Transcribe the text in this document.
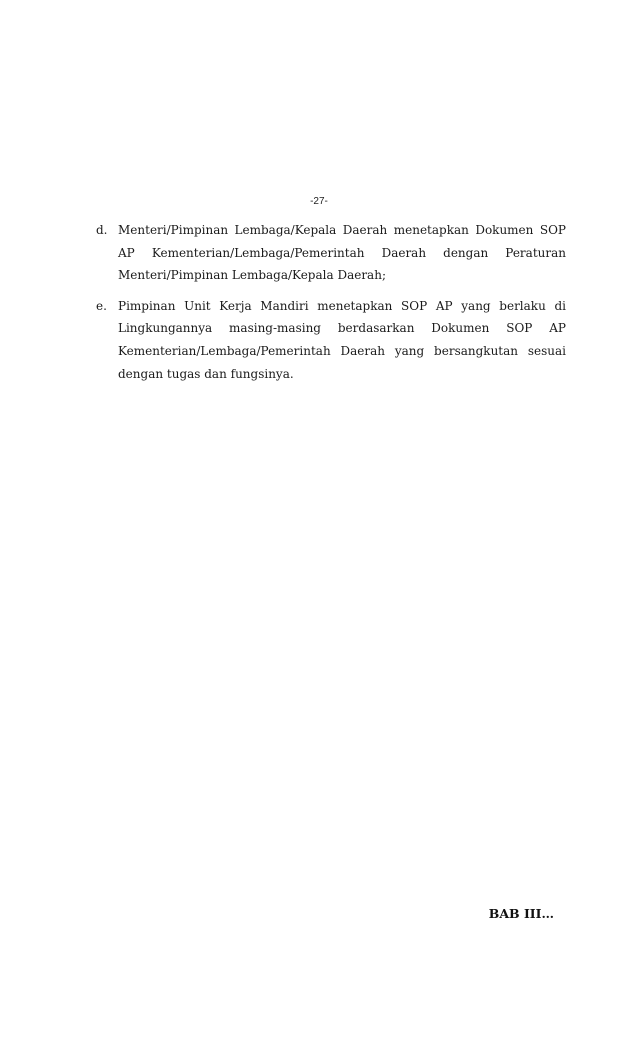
-27-
d. Menteri/Pimpinan Lembaga/Kepala Daerah menetapkan Dokumen SOP AP Kementerian/Lembaga/Pemerintah Daerah dengan Peraturan Menteri/Pimpinan Lembaga/Kepala Daerah;
e. Pimpinan Unit Kerja Mandiri menetapkan SOP AP yang berlaku di Lingkungannya masing-masing berdasarkan Dokumen SOP AP Kementerian/Lembaga/Pemerintah Daerah yang bersangkutan sesuai dengan tugas dan fungsinya.
BAB III…
